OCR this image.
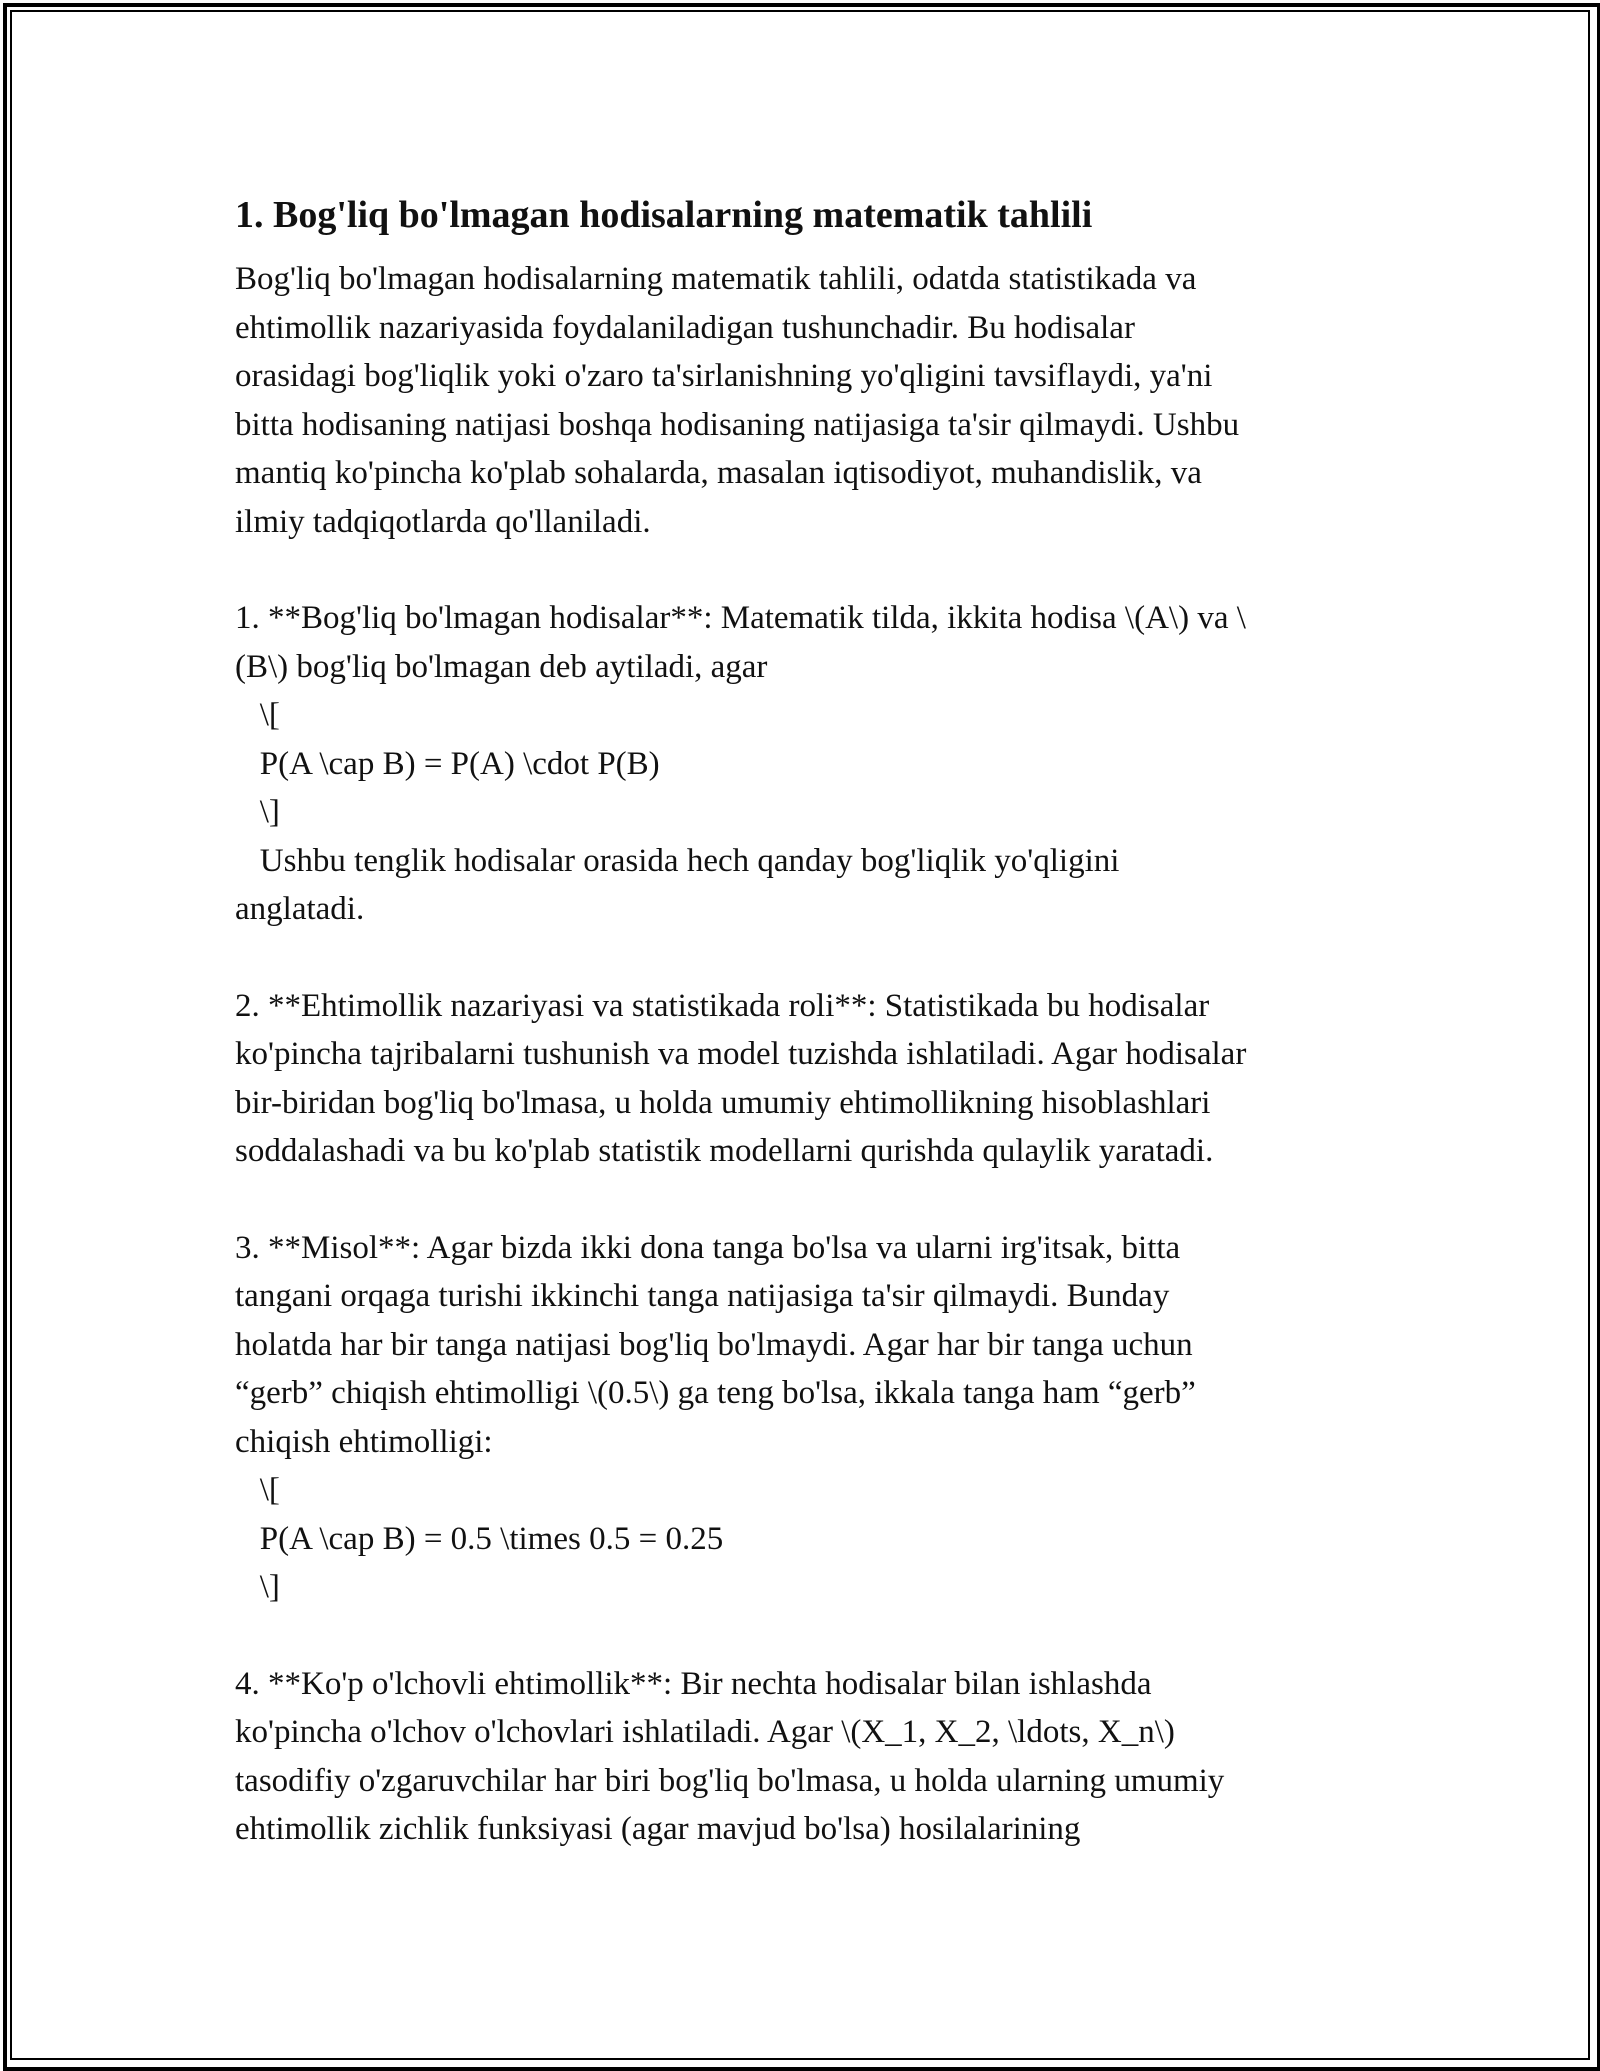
1. Bog'liq bo'lmagan hodisalarning matematik tahlili

Bog'liq bo'lmagan hodisalarning matematik tahlili, odatda statistikada va
ehtimollik nazariyasida foydalaniladigan tushunchadir. Bu hodisalar
orasidagi bog'liqlik yoki o'zaro ta'sirlanishning yo'qligini tavsiflaydi, ya'ni
bitta hodisaning natijasi boshqa hodisaning natijasiga ta'sir qilmaydi. Ushbu
mantiq ko'pincha ko'plab sohalarda, masalan iqtisodiyot, muhandislik, va
ilmiy tadqiqotlarda qo'llaniladi.

1. **Bog'liq bo'lmagan hodisalar**: Matematik tilda, ikkita hodisa \(A\) va \
(B\) bog'liq bo'lmagan deb aytiladi, agar
\[
P(A \cap B) = P(A) \cdot P(B)
\]
Ushbu tenglik hodisalar orasida hech qanday bog'liqlik yo'qligini
anglatadi.

2. **Ehtimollik nazariyasi va statistikada roli**: Statistikada bu hodisalar
ko'pincha tajribalarni tushunish va model tuzishda ishlatiladi. Agar hodisalar
bir-biridan bog'liq bo'lmasa, u holda umumiy ehtimollikning hisoblashlari
soddalashadi va bu ko'plab statistik modellarni qurishda qulaylik yaratadi.

3. **Misol**: Agar bizda ikki dona tanga bo'lsa va ularni irg'itsak, bitta
tangani orqaga turishi ikkinchi tanga natijasiga ta'sir qilmaydi. Bunday
holatda har bir tanga natijasi bog'liq bo'lmaydi. Agar har bir tanga uchun
“gerb” chiqish ehtimolligi \(0.5\) ga teng bo'lsa, ikkala tanga ham “gerb”
chiqish ehtimolligi:
\[
P(A \cap B) = 0.5 \times 0.5 = 0.25
\]

4. **Ko'p o'lchovli ehtimollik**: Bir nechta hodisalar bilan ishlashda
ko'pincha o'lchov o'lchovlari ishlatiladi. Agar \(X_1, X_2, \ldots, X_n\)
tasodifiy o'zgaruvchilar har biri bog'liq bo'lmasa, u holda ularning umumiy
ehtimollik zichlik funksiyasi (agar mavjud bo'lsa) hosilalarining
